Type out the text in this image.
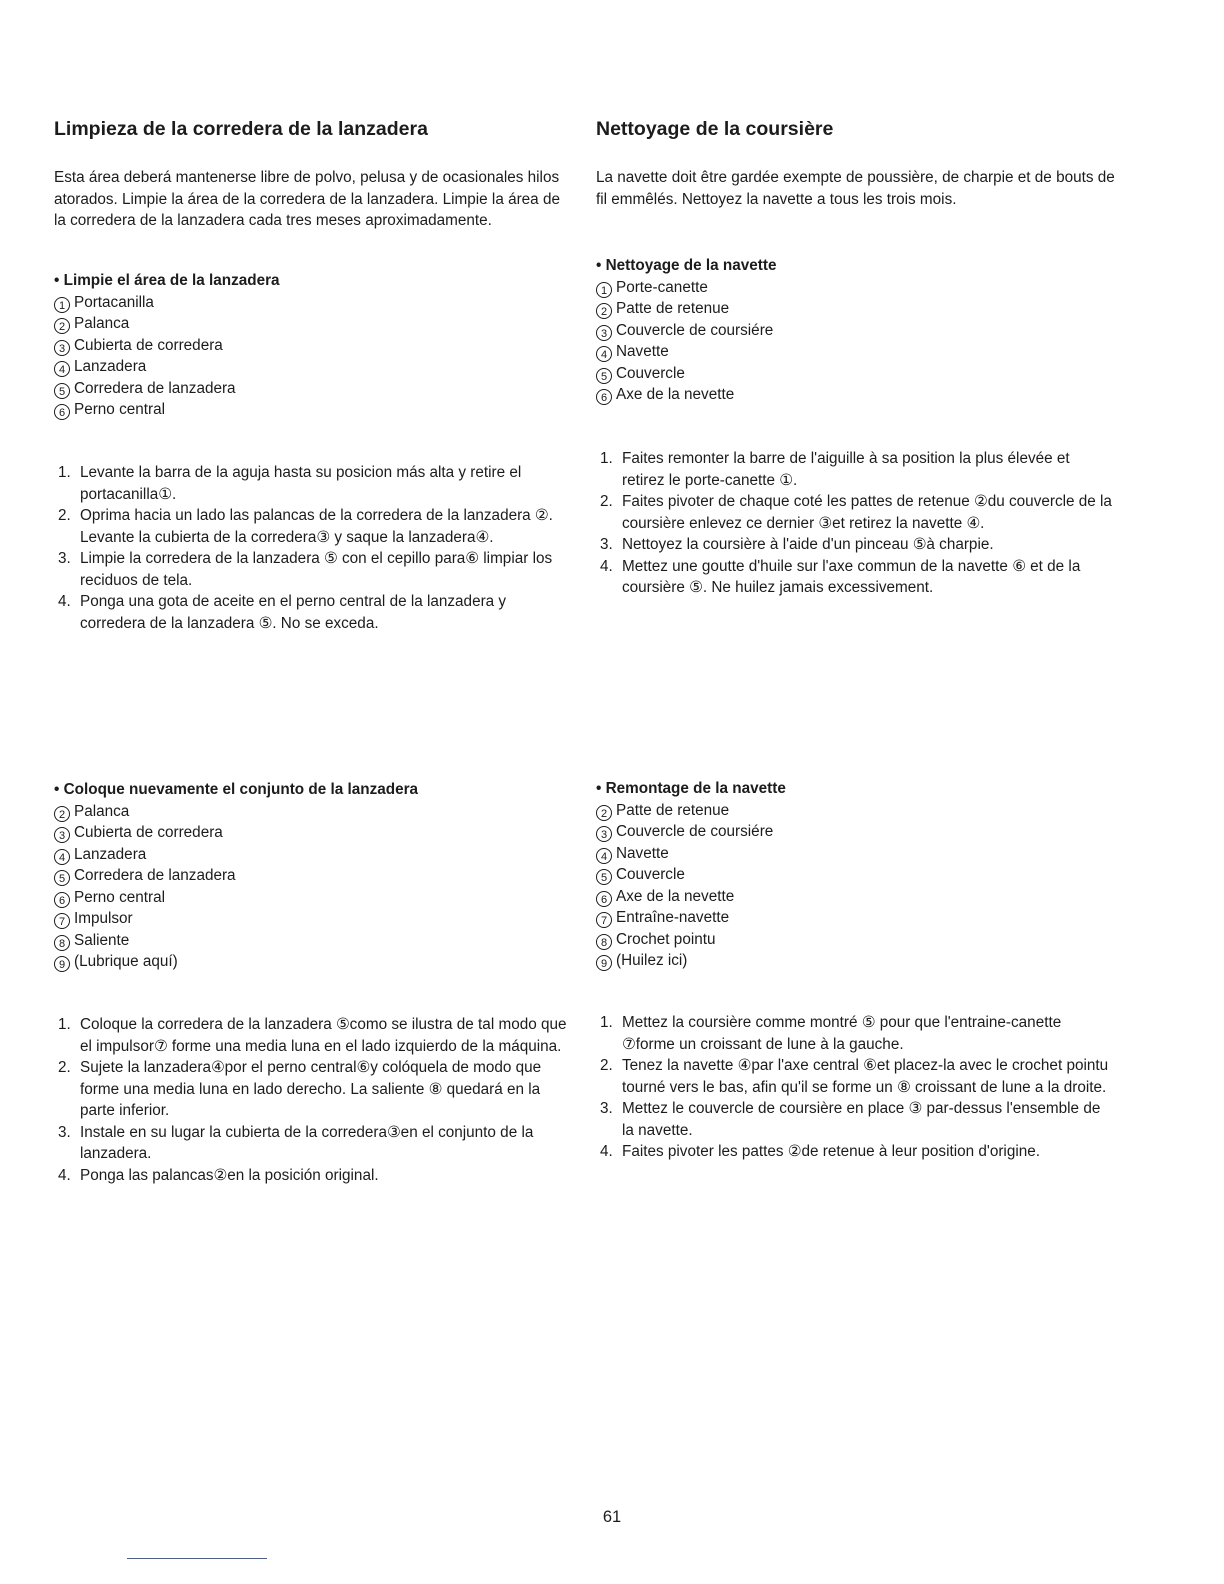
Limpieza de la corredera de la lanzadera

Esta área deberá mantenerse libre de polvo, pelusa y de ocasionales hilos atorados. Limpie la área de la corredera de la lanzadera. Limpie la área de la corredera de la lanzadera cada tres meses aproximadamente.

• Limpie el área de la lanzadera
1 Portacanilla
2 Palanca
3 Cubierta de corredera
4 Lanzadera
5 Corredera de lanzadera
6 Perno central
1. Levante la barra de la aguja hasta su posicion más alta y retire el portacanilla①.
2. Oprima hacia un lado las palancas de la corredera de la lanzadera ②. Levante la cubierta de la corredera③ y saque la lanzadera④.
3. Limpie la corredera de la lanzadera ⑤ con el cepillo para⑥ limpiar los reciduos de tela.
4. Ponga una gota de aceite en el perno central de la lanzadera y corredera de la lanzadera ⑤. No se exceda.
• Coloque nuevamente el conjunto de la lanzadera
2 Palanca
3 Cubierta de corredera
4 Lanzadera
5 Corredera de lanzadera
6 Perno central
7 Impulsor
8 Saliente
9 (Lubrique aquí)
1. Coloque la corredera de la lanzadera ⑤como se ilustra de tal modo que el impulsor⑦ forme una media luna en el lado izquierdo de la máquina.
2. Sujete la lanzadera④por el perno central⑥y colóquela de modo que forme una media luna en lado derecho. La saliente ⑧ quedará en la parte inferior.
3. Instale en su lugar la cubierta de la corredera③en el conjunto de la lanzadera.
4. Ponga las palancas②en la posición original.
Nettoyage de la coursière

La navette doit être gardée exempte de poussière, de charpie et de bouts de fil emmêlés. Nettoyez la navette a tous les trois mois.

• Nettoyage de la navette
1 Porte-canette
2 Patte de retenue
3 Couvercle de coursiére
4 Navette
5 Couvercle
6 Axe de la nevette
1. Faites remonter la barre de l'aiguille à sa position la plus élevée et retirez le porte-canette ①.
2. Faites pivoter de chaque coté les pattes de retenue ②du couvercle de la coursière enlevez ce dernier ③et retirez la navette ④.
3. Nettoyez la coursière à l'aide d'un pinceau ⑤à charpie.
4. Mettez une goutte d'huile sur l'axe commun de la navette ⑥ et de la coursière ⑤. Ne huilez jamais excessivement.
• Remontage de la navette
2 Patte de retenue
3 Couvercle de coursiére
4 Navette
5 Couvercle
6 Axe de la nevette
7 Entraîne-navette
8 Crochet pointu
9 (Huilez ici)
1. Mettez la coursière comme montré ⑤ pour que l'entraine-canette ⑦forme un croissant de lune à la gauche.
2. Tenez la navette ④par l'axe central ⑥et placez-la avec le crochet pointu tourné vers le bas, afin qu'il se forme un ⑧ croissant de lune a la droite.
3. Mettez le couvercle de coursière en place ③ par-dessus l'ensemble de la navette.
4. Faites pivoter les pattes ②de retenue à leur position d'origine.
61
